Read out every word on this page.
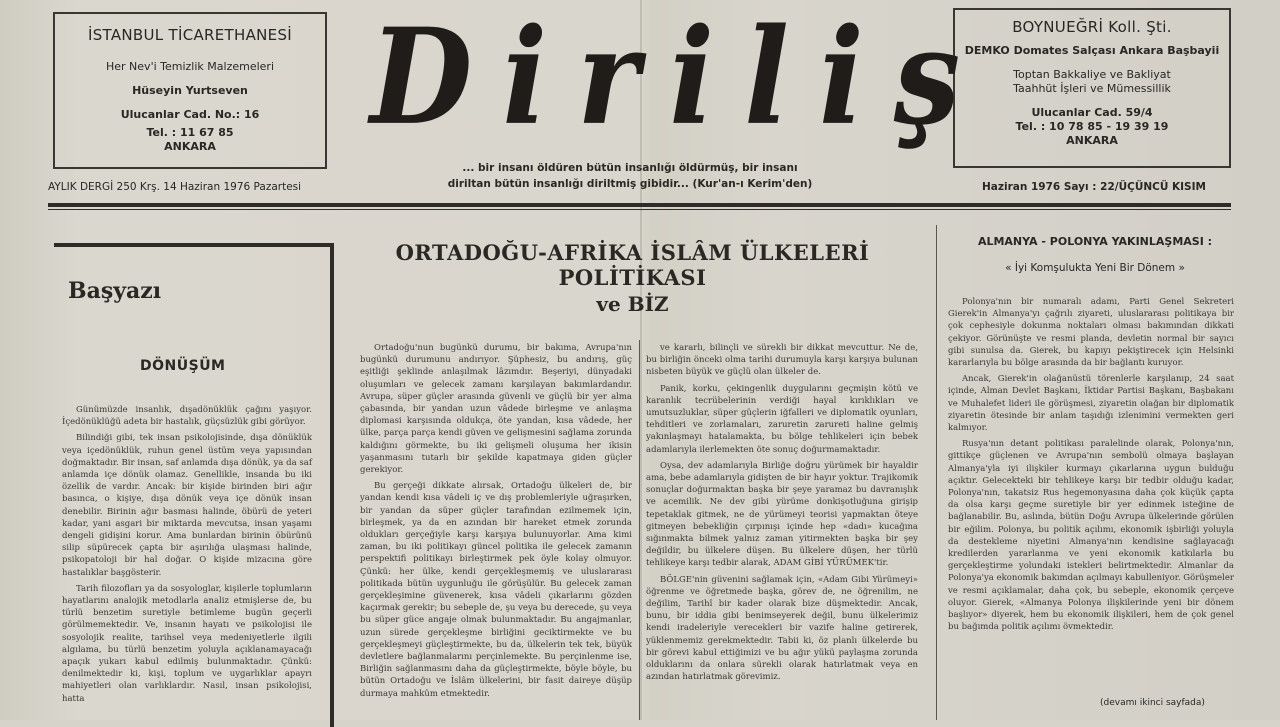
İSTANBUL TİCARETHANESİ
Her Nev'i Temizlik Malzemeleri
Hüseyin Yurtseven
Ulucanlar Cad. No.: 16
Tel. : 11 67 85
ANKARA
BOYNUEĞRİ Koll. Şti.
DEMKO Domates Salçası Ankara Başbayii
Toptan Bakkaliye ve Bakliyat
Taahhüt İşleri ve Mümessillik
Ulucanlar Cad. 59/4
Tel. : 10 78 85 - 19 39 19
ANKARA
Diriliş
... bir insanı öldüren bütün insanlığı öldürmüş, bir insanı
diriltan bütün insanlığı diriltmiş gibidir... (Kur'an-ı Kerim'den)
AYLIK DERGİ 250 Krş. 14 Haziran 1976 Pazartesi	Haziran 1976 Sayı : 22/ÜÇÜNCÜ KISIM
Başyazı
DÖNÜŞÜM

Günümüzde insanlık, dışadönüklük çağını yaşıyor. İçedönüklüğü adeta bir hastalık, güçsüzlük gibi görüyor.

Bilindiği gibi, tek insan psikolojisinde, dışa dönüklük veya içedönüklük, ruhun genel üstüm veya yapısından doğmaktadır. Bir insan, saf anlamda dışa dönük, ya da saf anlamda içe dönük olamaz. Genellikle, insanda bu iki özellik de vardır. Ancak: bir kişide birinden biri ağır basınca, o kişiye, dışa dönük veya içe dönük insan denebilir. Birinin ağır basması halinde, öbürü de yeteri kadar, yani asgari bir miktarda mevcutsa, insan yaşamı dengeli gidişini korur. Ama bunlardan birinin öbürünü silip süpürecek çapta bir aşırılığa ulaşması halinde, psikopatoloji bir hal doğar. O kişide mizacına göre hastalıklar başgösterir.

Tarih filozofları ya da sosyologlar, kişilerle toplumların hayatlarını analojik metodlarla analiz etmişlerse de, bu türlü benzetim suretiyle betimleme bugün geçerli görülmemektedir. Ve, insanın hayatı ve psikolojisi ile sosyolojik realite, tarihsel veya medeniyetlerle ilgili algılama, bu türlü benzetim yoluyla açıklanamayacağı apaçık yukarı kabul edilmiş bulunmaktadır. Çünkü: denilmektedir ki, kişi, toplum ve uygarlıklar apayrı mahiyetleri olan varlıklardır. Nasıl, insan psikolojisi, hatta

ORTADOĞU-AFRİKA İSLÂM ÜLKELERİ POLİTİKASI
ve BİZ

Ortadoğu'nun bugünkü durumu, bir bakıma, Avrupa'nın bugünkü durumunu andırıyor. Şüphesiz, bu andırış, güç eşitliği şeklinde anlaşılmak lâzımdır. Beşeriyi, dünyadaki oluşumları ve gelecek zamanı karşılayan bakımlardandır. Avrupa, süper güçler arasında güvenli ve güçlü bir yer alma çabasında, bir yandan uzun vâdede birleşme ve anlaşma diplomasi karşısında oldukça, öte yandan, kısa vâdede, her ülke, parça parça kendi güven ve gelişmesini sağlama zorunda kaldığını görmekte, bu iki gelişmeli oluşuma her ikisin yaşanmasını tutarlı bir şekilde kapatmaya giden güçler gerekiyor.

Bu gerçeği dikkate alırsak, Ortadoğu ülkeleri de, bir yandan kendi kısa vâdeli iç ve dış problemleriyle uğraşırken, bir yandan da süper güçler tarafından ezilmemek için, birleşmek, ya da en azından bir hareket etmek zorunda oldukları gerçeğiyle karşı karşıya bulunuyorlar. Ama kimi zaman, bu iki politikayı güncel politika ile gelecek zamanın perspektifi politikayı birleştirmek pek öyle kolay olmuyor. Çünkü: her ülke, kendi gerçekleşmemiş ve uluslararası politikada bütün uygunluğu ile görüşülür. Bu gelecek zaman gerçekleşimine güvenerek, kısa vâdeli çıkarlarını gözden kaçırmak gerekir; bu sebeple de, şu veya bu derecede, şu veya bu süper güce angaje olmak bulunmaktadır. Bu angajmanlar, uzun sürede gerçekleşme birliğini geciktirmekte ve bu gerçekleşmeyi güçleştirmekte, bu da, ülkelerin tek tek, büyük devletlere bağlanmalarını perçinlemekte. Bu perçinlenme ise, Birliğin sağlanmasını daha da güçleştirmekte, böyle böyle, bu bütün Ortadoğu ve İslâm ülkelerini, bir fasit daireye düşüp durmaya mahkûm etmektedir.

ve kararlı, bilinçli ve sürekli bir dikkat mevcuttur. Ne de, bu birliğin önceki olma tarihi durumuyla karşı karşıya bulunan nisbeten büyük ve güçlü olan ülkeler de.

Panik, korku, çekingenlik duygularını geçmişin kötü ve karanlık tecrübelerinin verdiği hayal kırıklıkları ve umutsuzluklar, süper güçlerin iğfalleri ve diplomatik oyunları, tehditleri ve zorlamaları, zaruretin zarureti haline gelmiş yakınlaşmayı hatalamakta, bu bölge tehlikeleri için bebek adamlarıyla ilerlemekten öte sonuç doğurmamaktadır.

Oysa, dev adamlarıyla Birliğe doğru yürümek bir hayaldir ama, bebe adamlarıyla gidişten de bir hayır yoktur. Trajikomik sonuçlar doğurmaktan başka bir şeye yaramaz bu davranışlık ve acemilik. Ne dev gibi yürüme donkişotluğuna girişip tepetaklak gitmek, ne de yürümeyi teorisi yapmaktan öteye gitmeyen bebekliğin çırpınışı içinde hep «dadı» kucağına sığınmakta bilmek yalnız zaman yitirmekten başka bir şey değildir, bu ülkelere düşen. Bu ülkelere düşen, her türlü tehlikeye karşı tedbir alarak, ADAM GİBİ YÜRÜMEK'tir.

BÖLGE'nin güvenini sağlamak için, «Adam Gibi Yürümeyi» öğrenme ve öğretmede başka, görev de, ne öğrenilim, ne değilim, Tarihî bir kader olarak bize düşmektedir. Ancak, bunu, bir iddia gibi benimseyerek değil, bunu ülkelerimiz kendi iradeleriyle verecekleri bir vazife haline getirerek, yüklenmemiz gerekmektedir. Tabii ki, öz planlı ülkelerde bu bir görevi kabul ettiğimizi ve bu ağır yükü paylaşma zorunda olduklarını da onlara sürekli olarak hatırlatmak veya en azından hatırlatmak görevimiz.

ALMANYA - POLONYA YAKINLAŞMASI :
« İyi Komşulukta Yeni Bir Dönem »

Polonya'nın bir numaralı adamı, Parti Genel Sekreteri Gierek'in Almanya'yı çağrılı ziyareti, uluslararası politikaya bir çok cephesiyle dokunma noktaları olması bakımından dikkati çekiyor. Görünüşte ve resmi planda, devletin normal bir sayıcı gibi sunulsa da. Gierek, bu kapıyı pekiştirecek için Helsinki kararlarıyla bu bölge arasında da bir bağlantı kuruyor.

Ancak, Gierek'in olağanüstü törenlerle karşılanıp, 24 saat içinde, Alman Devlet Başkanı, İktidar Partisi Başkanı, Başbakanı ve Muhalefet lideri ile görüşmesi, ziyaretin olağan bir diplomatik ziyaretin ötesinde bir anlam taşıdığı izlenimini vermekten geri kalmıyor.

Rusya'nın detant politikası paralelinde olarak, Polonya'nın, gittikçe güçlenen ve Avrupa'nın sembolü olmaya başlayan Almanya'yla iyi ilişkiler kurmayı çıkarlarına uygun bulduğu açıktır. Gelecekteki bir tehlikeye karşı bir tedbir olduğu kadar, Polonya'nın, takatsiz Rus hegemonyasına daha çok küçük çapta da olsa karşı geçme suretiyle bir yer edinmek isteğine de bağlanabilir. Bu, aslında, bütün Doğu Avrupa ülkelerinde görülen bir eğilim. Polonya, bu politik açılımı, ekonomik işbirliği yoluyla da destekleme niyetini Almanya'nın kendisine sağlayacağı kredilerden yararlanma ve yeni ekonomik katkılarla bu gerçekleştirme yolundaki istekleri belirtmektedir. Almanlar da Polonya'ya ekonomik bakımdan açılmayı kabulleniyor. Görüşmeler ve resmi açıklamalar, daha çok, bu sebeple, ekonomik çerçeve oluyor. Gierek, «Almanya Polonya ilişkilerinde yeni bir dönem başlıyor» diyerek, hem bu ekonomik ilişkileri, hem de çok genel bu bağımda politik açılımı övmektedir.

(devamı ikinci sayfada)
